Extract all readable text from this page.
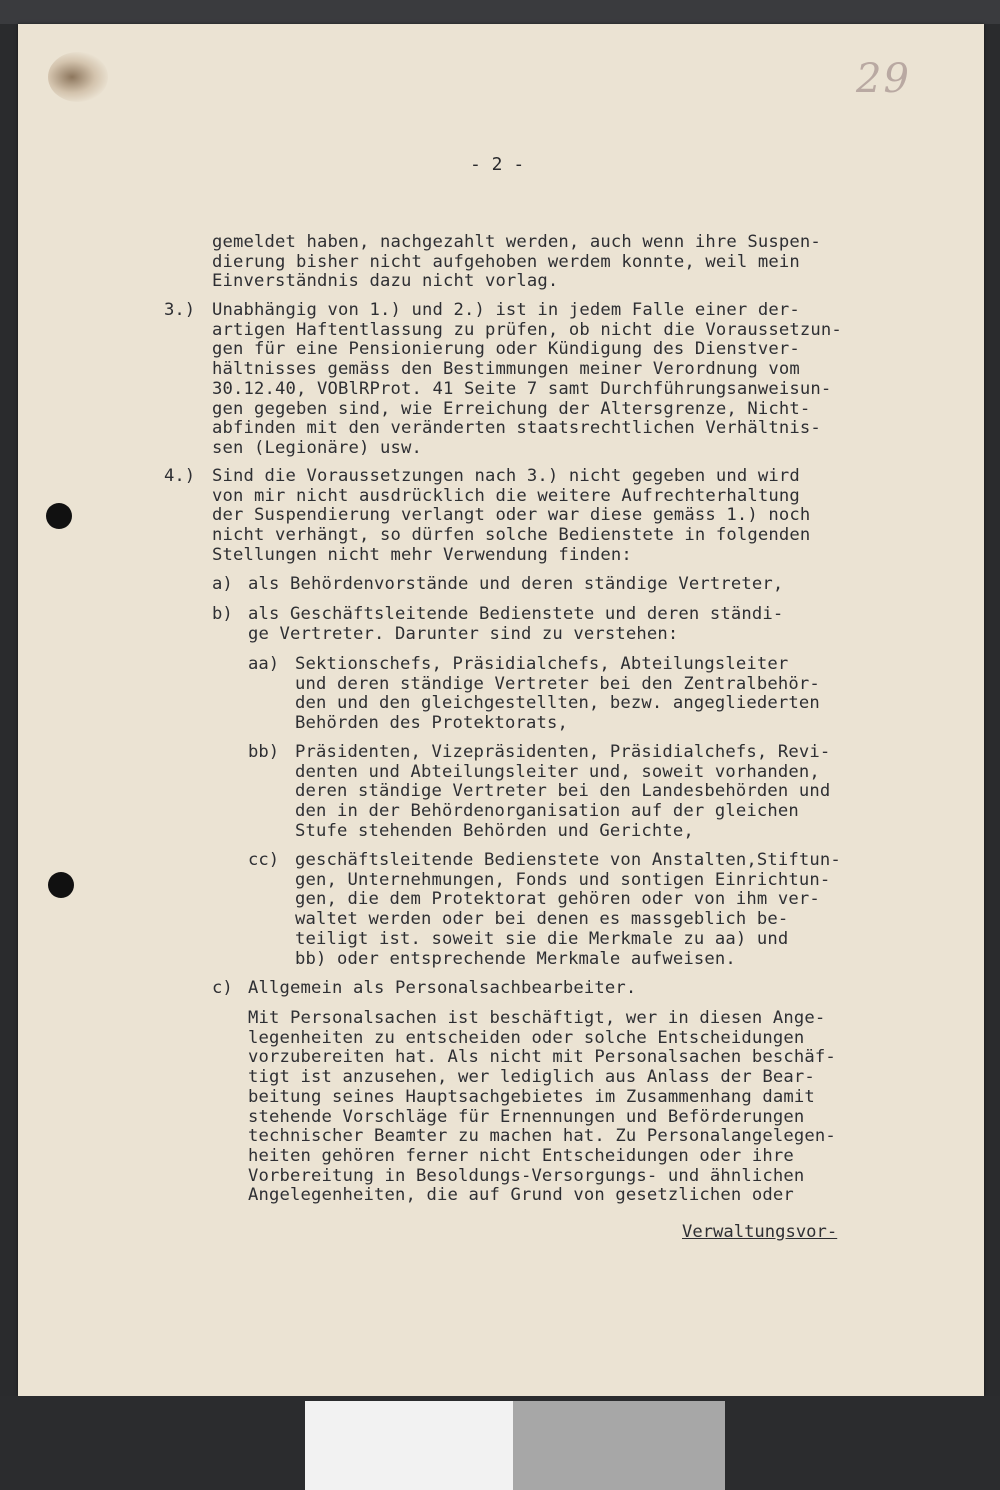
29
- 2 -
gemeldet haben, nachgezahlt werden, auch wenn ihre Suspen-
dierung bisher nicht aufgehoben werdem konnte, weil mein
Einverständnis dazu nicht vorlag.
3.) Unabhängig von 1.) und 2.) ist in jedem Falle einer der-
artigen Haftentlassung zu prüfen, ob nicht die Voraussetzun-
gen für eine Pensionierung oder Kündigung des Dienstver-
hältnisses gemäss den Bestimmungen meiner Verordnung vom
30.12.40, VOBlRProt. 41 Seite 7 samt Durchführungsanweisun-
gen gegeben sind, wie Erreichung der Altersgrenze, Nicht-
abfinden mit den veränderten staatsrechtlichen Verhältnis-
sen (Legionäre) usw.
4.) Sind die Voraussetzungen nach 3.) nicht gegeben und wird
von mir nicht ausdrücklich die weitere Aufrechterhaltung
der Suspendierung verlangt oder war diese gemäss 1.) noch
nicht verhängt, so dürfen solche Bedienstete in folgenden
Stellungen nicht mehr Verwendung finden:
a) als Behördenvorstände und deren ständige Vertreter,
b) als Geschäftsleitende Bedienstete und deren ständi-
ge Vertreter. Darunter sind zu verstehen:
aa) Sektionschefs, Präsidialchefs, Abteilungsleiter
und deren ständige Vertreter bei den Zentralbehör-
den und den gleichgestellten, bezw. angegliederten
Behörden des Protektorats,
bb) Präsidenten, Vizepräsidenten, Präsidialchefs, Revi-
denten und Abteilungsleiter und, soweit vorhanden,
deren ständige Vertreter bei den Landesbehörden und
den in der Behördenorganisation auf der gleichen
Stufe stehenden Behörden und Gerichte,
cc) geschäftsleitende Bedienstete von Anstalten,Stiftun-
gen, Unternehmungen, Fonds und sontigen Einrichtun-
gen, die dem Protektorat gehören oder von ihm ver-
waltet werden oder bei denen es massgeblich be-
teiligt ist. soweit sie die Merkmale zu aa) und
bb) oder entsprechende Merkmale aufweisen.
c) Allgemein als Personalsachbearbeiter.
Mit Personalsachen ist beschäftigt, wer in diesen Ange-
legenheiten zu entscheiden oder solche Entscheidungen
vorzubereiten hat. Als nicht mit Personalsachen beschäf-
tigt ist anzusehen, wer lediglich aus Anlass der Bear-
beitung seines Hauptsachgebietes im Zusammenhang damit
stehende Vorschläge für Ernennungen und Beförderungen
technischer Beamter zu machen hat. Zu Personalangelegen-
heiten gehören ferner nicht Entscheidungen oder ihre
Vorbereitung in Besoldungs-Versorgungs- und ähnlichen
Angelegenheiten, die auf Grund von gesetzlichen oder
Verwaltungsvor-
